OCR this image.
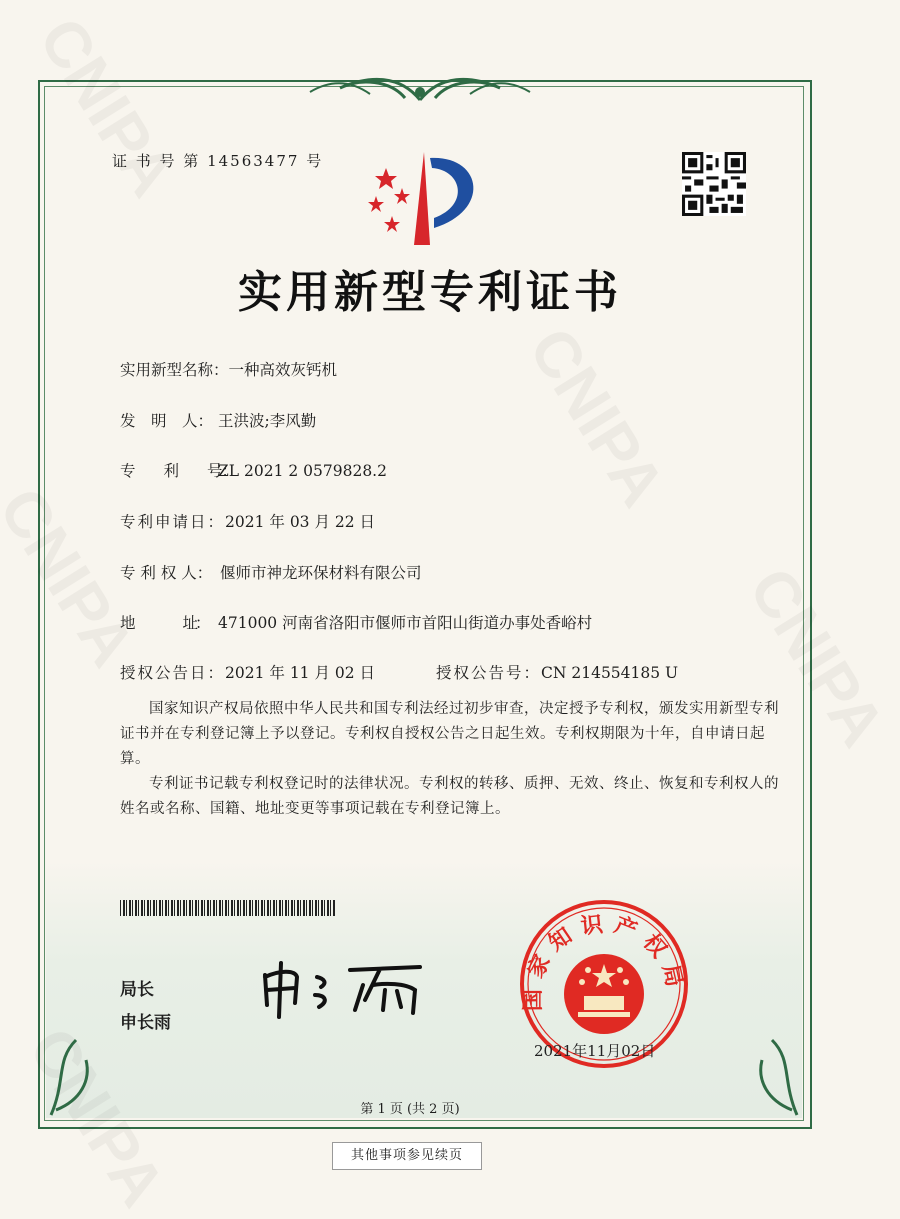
证 书 号 第 14563477 号
实用新型专利证书
实用新型名称：一种高效灰钙机
发　明　人： 王洪波;李风勤
专　　利　　号：ZL 2021 2 0579828.2
专利申请日：2021 年 03 月 22 日
专 利 权 人： 偃师市神龙环保材料有限公司
地　　　　址： 471000 河南省洛阳市偃师市首阳山街道办事处香峪村
授权公告日：2021 年 11 月 02 日	授权公告号：CN 214554185 U
国家知识产权局依照中华人民共和国专利法经过初步审查，决定授予专利权，颁发实用新型专利证书并在专利登记簿上予以登记。专利权自授权公告之日起生效。专利权期限为十年，自申请日起算。
专利证书记载专利权登记时的法律状况。专利权的转移、质押、无效、终止、恢复和专利权人的姓名或名称、国籍、地址变更等事项记载在专利登记簿上。
局长
申长雨
国家知识产权局
2021年11月02日
第 1 页 (共 2 页)
其他事项参见续页
